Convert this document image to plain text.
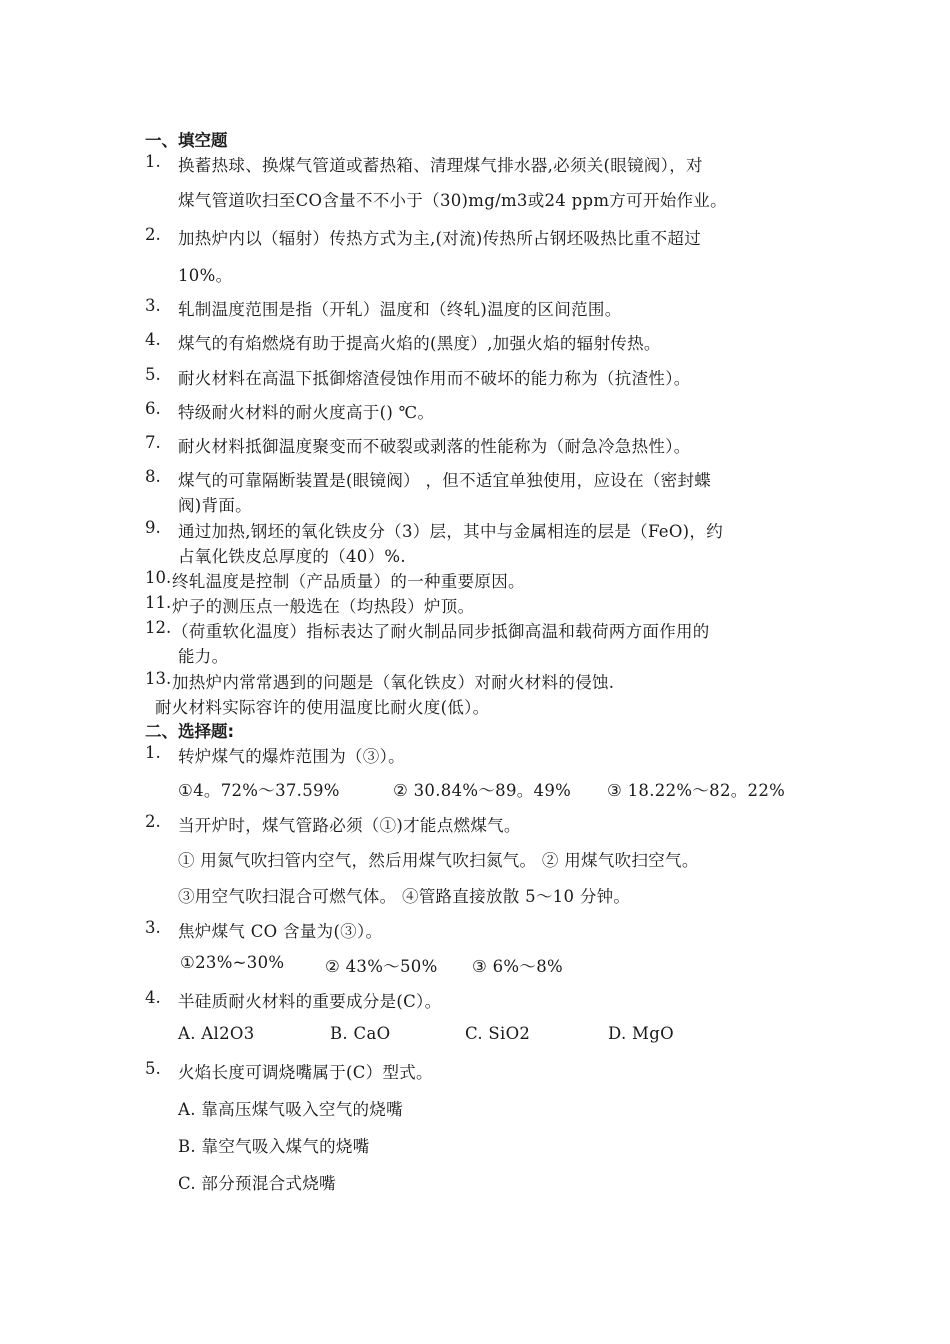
一、填空题
1. 换蓄热球、换煤气管道或蓄热箱、清理煤气排水器,必须关(眼镜阀），对
煤气管道吹扫至CO含量不不小于（30)mg/m3或24 ppm方可开始作业。
2. 加热炉内以（辐射）传热方式为主,(对流)传热所占钢坯吸热比重不超过
10%。
3. 轧制温度范围是指（开轧）温度和（终轧)温度的区间范围。
4. 煤气的有焰燃烧有助于提高火焰的(黑度）,加强火焰的辐射传热。
5. 耐火材料在高温下抵御熔渣侵蚀作用而不破坏的能力称为（抗渣性）。
6. 特级耐火材料的耐火度高于() ℃。
7. 耐火材料抵御温度聚变而不破裂或剥落的性能称为（耐急冷急热性）。
8. 煤气的可靠隔断装置是(眼镜阀） ，但不适宜单独使用，应设在（密封蝶
阀)背面。
9. 通过加热,钢坯的氧化铁皮分（3）层，其中与金属相连的层是（FeO)，约
占氧化铁皮总厚度的（40）%.
10. 终轧温度是控制（产品质量）的一种重要原因。
11. 炉子的测压点一般选在（均热段）炉顶。
12. （荷重软化温度）指标表达了耐火制品同步抵御高温和载荷两方面作用的
能力。
13. 加热炉内常常遇到的问题是（氧化铁皮）对耐火材料的侵蚀.
耐火材料实际容许的使用温度比耐火度(低）。
二、选择题:
1. 转炉煤气的爆炸范围为（③）。
①4。72%～37.59%	② 30.84%～89。49% ③ 18.22%～82。22%
2. 当开炉时，煤气管路必须（①)才能点燃煤气。
① 用氮气吹扫管内空气，然后用煤气吹扫氮气。 ② 用煤气吹扫空气。
③用空气吹扫混合可燃气体。 ④管路直接放散 5～10 分钟。
3. 焦炉煤气 CO 含量为(③）。
①23%~30% ② 43%～50% ③ 6%～8%
4. 半硅质耐火材料的重要成分是(C）。
A. Al2O3	B. CaO	C. SiO2	D. MgO
5. 火焰长度可调烧嘴属于(C）型式。
A. 靠高压煤气吸入空气的烧嘴
B. 靠空气吸入煤气的烧嘴
C. 部分预混合式烧嘴
